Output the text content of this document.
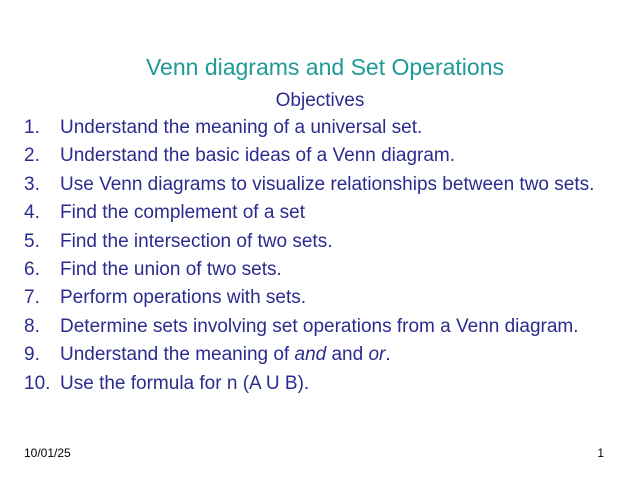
Venn diagrams and Set Operations
Objectives
1.	Understand the meaning of a universal set.
2.	Understand the basic ideas of a Venn diagram.
3.	Use Venn diagrams to visualize relationships between two sets.
4.	Find the complement of a set
5.	Find the intersection of two sets.
6.	Find the union of two sets.
7.	Perform operations with sets.
8.	Determine sets involving set operations from a Venn diagram.
9.	Understand the meaning of and and or.
10. Use the formula for n (A U B).
10/01/25	1
